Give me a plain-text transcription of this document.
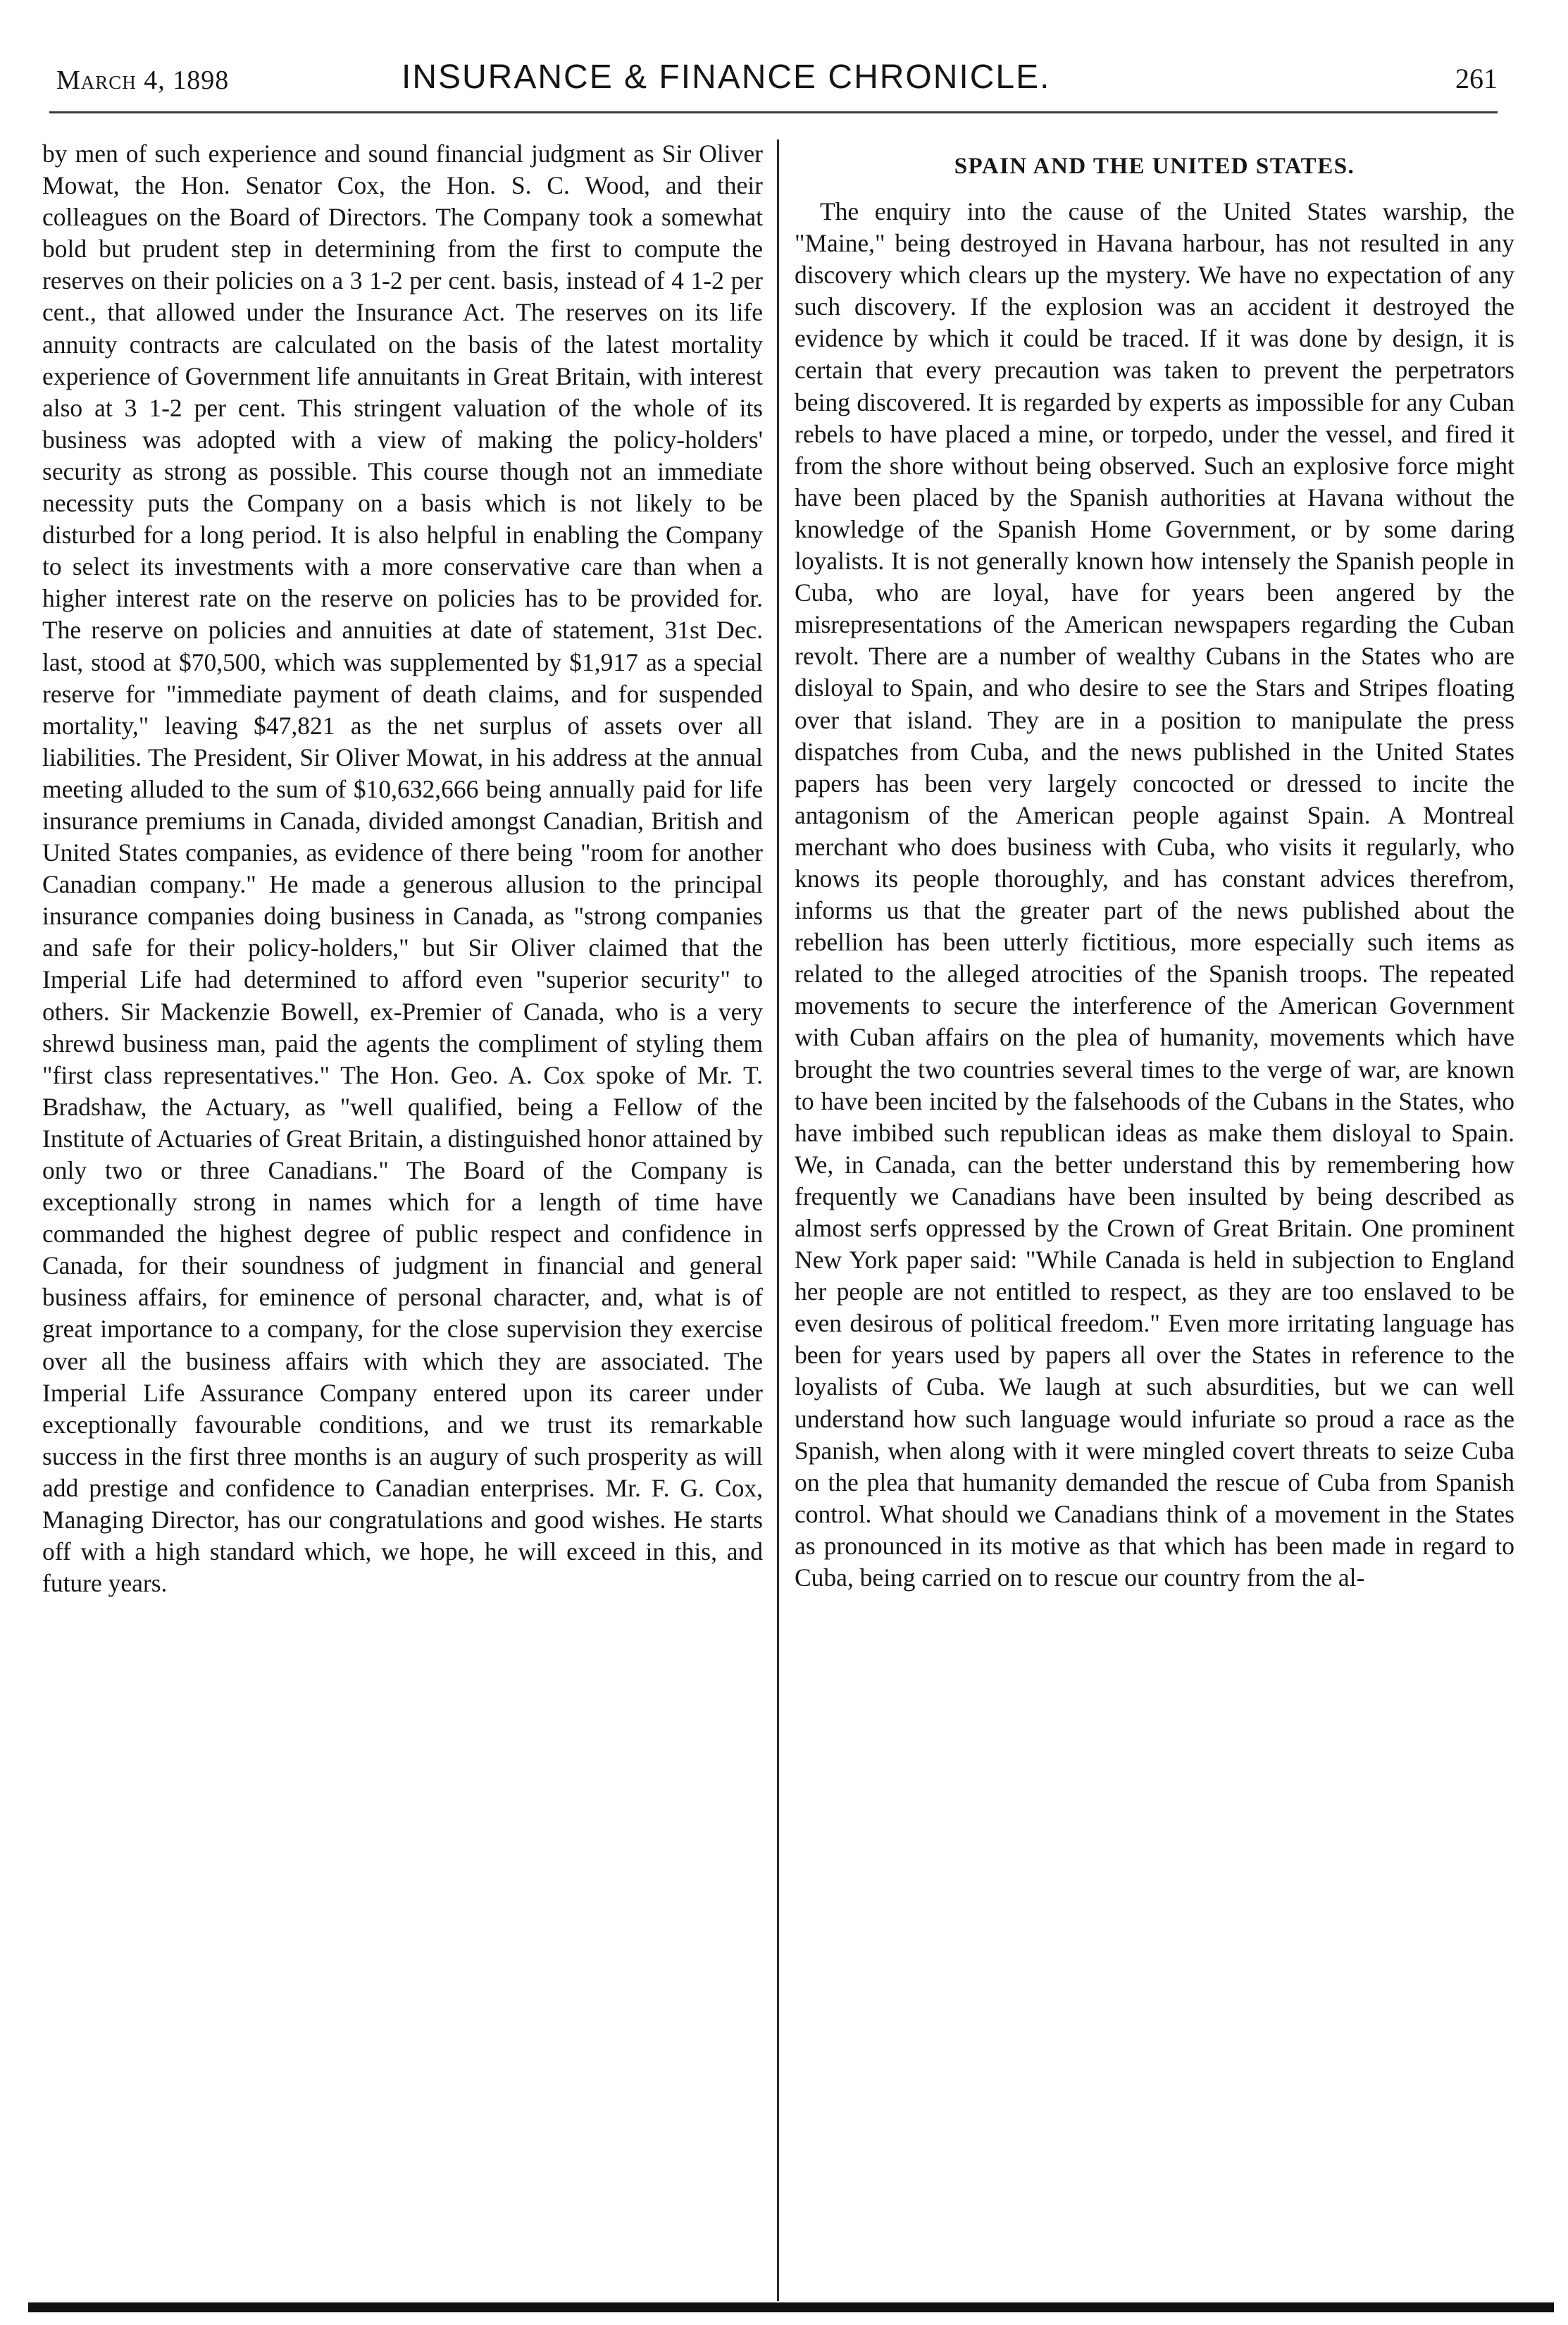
March 4, 1898	INSURANCE & FINANCE CHRONICLE.	261

by men of such experience and sound financial judgment as Sir Oliver Mowat, the Hon. Senator Cox, the Hon. S. C. Wood, and their colleagues on the Board of Directors. The Company took a somewhat bold but prudent step in determining from the first to compute the reserves on their policies on a 3 1-2 per cent. basis, instead of 4 1-2 per cent., that allowed under the Insurance Act. The reserves on its life annuity contracts are calculated on the basis of the latest mortality experience of Government life annuitants in Great Britain, with interest also at 3 1-2 per cent. This stringent valuation of the whole of its business was adopted with a view of making the policy-holders' security as strong as possible. This course though not an immediate necessity puts the Company on a basis which is not likely to be disturbed for a long period. It is also helpful in enabling the Company to select its investments with a more conservative care than when a higher interest rate on the reserve on policies has to be provided for. The reserve on policies and annuities at date of statement, 31st Dec. last, stood at $70,500, which was supplemented by $1,917 as a special reserve for "immediate payment of death claims, and for suspended mortality," leaving $47,821 as the net surplus of assets over all liabilities. The President, Sir Oliver Mowat, in his address at the annual meeting alluded to the sum of $10,632,666 being annually paid for life insurance premiums in Canada, divided amongst Canadian, British and United States companies, as evidence of there being "room for another Canadian company." He made a generous allusion to the principal insurance companies doing business in Canada, as "strong companies and safe for their policy-holders," but Sir Oliver claimed that the Imperial Life had determined to afford even "superior security" to others. Sir Mackenzie Bowell, ex-Premier of Canada, who is a very shrewd business man, paid the agents the compliment of styling them "first class representatives." The Hon. Geo. A. Cox spoke of Mr. T. Bradshaw, the Actuary, as "well qualified, being a Fellow of the Institute of Actuaries of Great Britain, a distinguished honor attained by only two or three Canadians." The Board of the Company is exceptionally strong in names which for a length of time have commanded the highest degree of public respect and confidence in Canada, for their soundness of judgment in financial and general business affairs, for eminence of personal character, and, what is of great importance to a company, for the close supervision they exercise over all the business affairs with which they are associated. The Imperial Life Assurance Company entered upon its career under exceptionally favourable conditions, and we trust its remarkable success in the first three months is an augury of such prosperity as will add prestige and confidence to Canadian enterprises. Mr. F. G. Cox, Managing Director, has our congratulations and good wishes. He starts off with a high standard which, we hope, he will exceed in this, and future years.

SPAIN AND THE UNITED STATES.

The enquiry into the cause of the United States warship, the "Maine," being destroyed in Havana harbour, has not resulted in any discovery which clears up the mystery. We have no expectation of any such discovery. If the explosion was an accident it destroyed the evidence by which it could be traced. If it was done by design, it is certain that every precaution was taken to prevent the perpetrators being discovered. It is regarded by experts as impossible for any Cuban rebels to have placed a mine, or torpedo, under the vessel, and fired it from the shore without being observed. Such an explosive force might have been placed by the Spanish authorities at Havana without the knowledge of the Spanish Home Government, or by some daring loyalists. It is not generally known how intensely the Spanish people in Cuba, who are loyal, have for years been angered by the misrepresentations of the American newspapers regarding the Cuban revolt. There are a number of wealthy Cubans in the States who are disloyal to Spain, and who desire to see the Stars and Stripes floating over that island. They are in a position to manipulate the press dispatches from Cuba, and the news published in the United States papers has been very largely concocted or dressed to incite the antagonism of the American people against Spain. A Montreal merchant who does business with Cuba, who visits it regularly, who knows its people thoroughly, and has constant advices therefrom, informs us that the greater part of the news published about the rebellion has been utterly fictitious, more especially such items as related to the alleged atrocities of the Spanish troops. The repeated movements to secure the interference of the American Government with Cuban affairs on the plea of humanity, movements which have brought the two countries several times to the verge of war, are known to have been incited by the falsehoods of the Cubans in the States, who have imbibed such republican ideas as make them disloyal to Spain. We, in Canada, can the better understand this by remembering how frequently we Canadians have been insulted by being described as almost serfs oppressed by the Crown of Great Britain. One prominent New York paper said: "While Canada is held in subjection to England her people are not entitled to respect, as they are too enslaved to be even desirous of political freedom." Even more irritating language has been for years used by papers all over the States in reference to the loyalists of Cuba. We laugh at such absurdities, but we can well understand how such language would infuriate so proud a race as the Spanish, when along with it were mingled covert threats to seize Cuba on the plea that humanity demanded the rescue of Cuba from Spanish control. What should we Canadians think of a movement in the States as pronounced in its motive as that which has been made in regard to Cuba, being carried on to rescue our country from the al-
